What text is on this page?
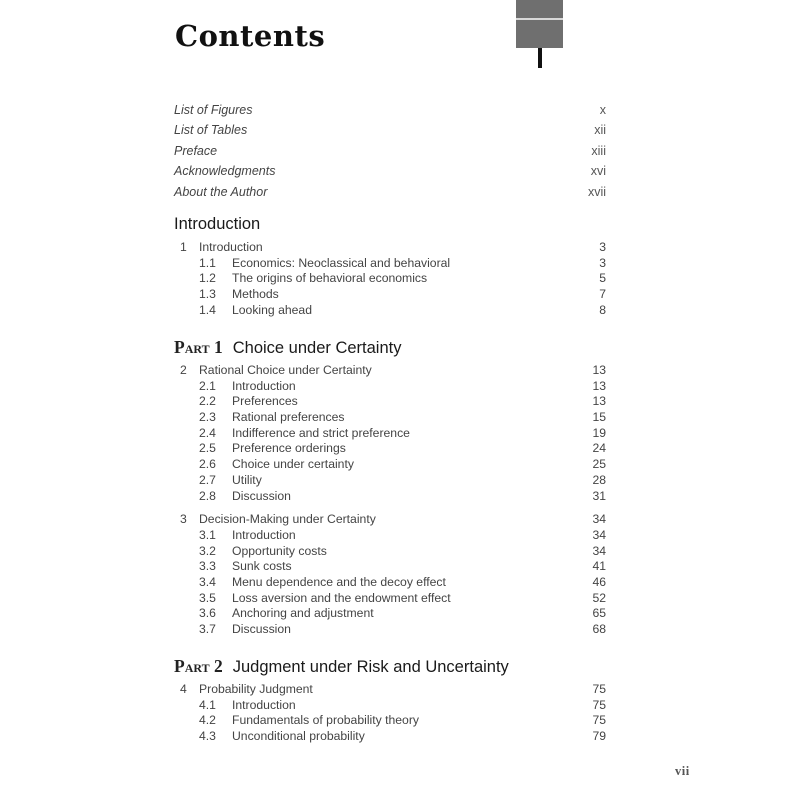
Contents
List of Figures	x
List of Tables	xii
Preface	xiii
Acknowledgments	xvi
About the Author	xvii
Introduction
1	Introduction	3
1.1	Economics: Neoclassical and behavioral	3
1.2	The origins of behavioral economics	5
1.3	Methods	7
1.4	Looking ahead	8
Part 1 Choice under Certainty
2	Rational Choice under Certainty	13
2.1	Introduction	13
2.2	Preferences	13
2.3	Rational preferences	15
2.4	Indifference and strict preference	19
2.5	Preference orderings	24
2.6	Choice under certainty	25
2.7	Utility	28
2.8	Discussion	31
3	Decision-Making under Certainty	34
3.1	Introduction	34
3.2	Opportunity costs	34
3.3	Sunk costs	41
3.4	Menu dependence and the decoy effect	46
3.5	Loss aversion and the endowment effect	52
3.6	Anchoring and adjustment	65
3.7	Discussion	68
Part 2 Judgment under Risk and Uncertainty
4	Probability Judgment	75
4.1	Introduction	75
4.2	Fundamentals of probability theory	75
4.3	Unconditional probability	79
vii
